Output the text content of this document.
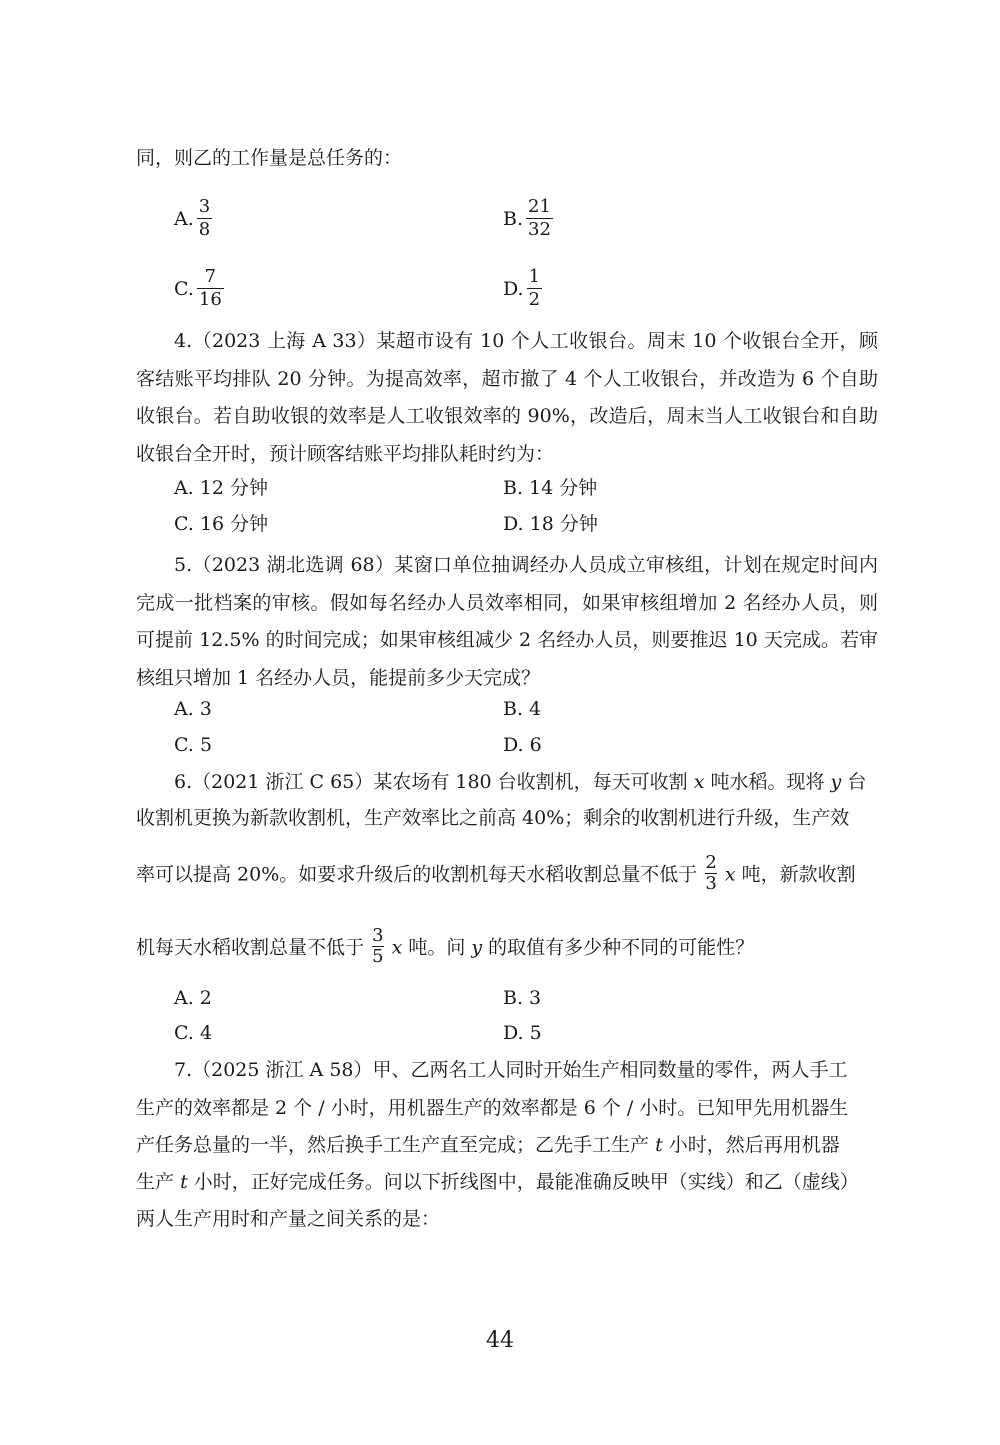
同，则乙的工作量是总任务的：
A. $\frac{3}{8}$	B. $\frac{21}{32}$
C. $\frac{7}{16}$	D. $\frac{1}{2}$

4.（2023 上海 A 33）某超市设有 10 个人工收银台。周末 10 个收银台全开，顾客结账平均排队 20 分钟。为提高效率，超市撤了 4 个人工收银台，并改造为 6 个自助收银台。若自助收银的效率是人工收银效率的 90%，改造后，周末当人工收银台和自助收银台全开时，预计顾客结账平均排队耗时约为：

A. 12 分钟	B. 14 分钟
C. 16 分钟	D. 18 分钟

5.（2023 湖北选调 68）某窗口单位抽调经办人员成立审核组，计划在规定时间内完成一批档案的审核。假如每名经办人员效率相同，如果审核组增加 2 名经办人员，则可提前 12.5% 的时间完成；如果审核组减少 2 名经办人员，则要推迟 10 天完成。若审核组只增加 1 名经办人员，能提前多少天完成？

A. 3	B. 4
C. 5	D. 6
6.（2021 浙江 C 65）某农场有 180 台收割机，每天可收割 x 吨水稻。现将 y 台
收割机更换为新款收割机，生产效率比之前高 40%；剩余的收割机进行升级，生产效
率可以提高 20%。如要求升级后的收割机每天水稻收割总量不低于 $\frac{2}{3}$ x 吨，新款收割
机每天水稻收割总量不低于 $\frac{3}{5}$ x 吨。问 y 的取值有多少种不同的可能性？
A. 2	B. 3
C. 4	D. 5
7.（2025 浙江 A 58）甲、乙两名工人同时开始生产相同数量的零件，两人手工
生产的效率都是 2 个 / 小时，用机器生产的效率都是 6 个 / 小时。已知甲先用机器生
产任务总量的一半，然后换手工生产直至完成；乙先手工生产 t 小时，然后再用机器
生产 t 小时，正好完成任务。问以下折线图中，最能准确反映甲（实线）和乙（虚线）
两人生产用时和产量之间关系的是：
44
